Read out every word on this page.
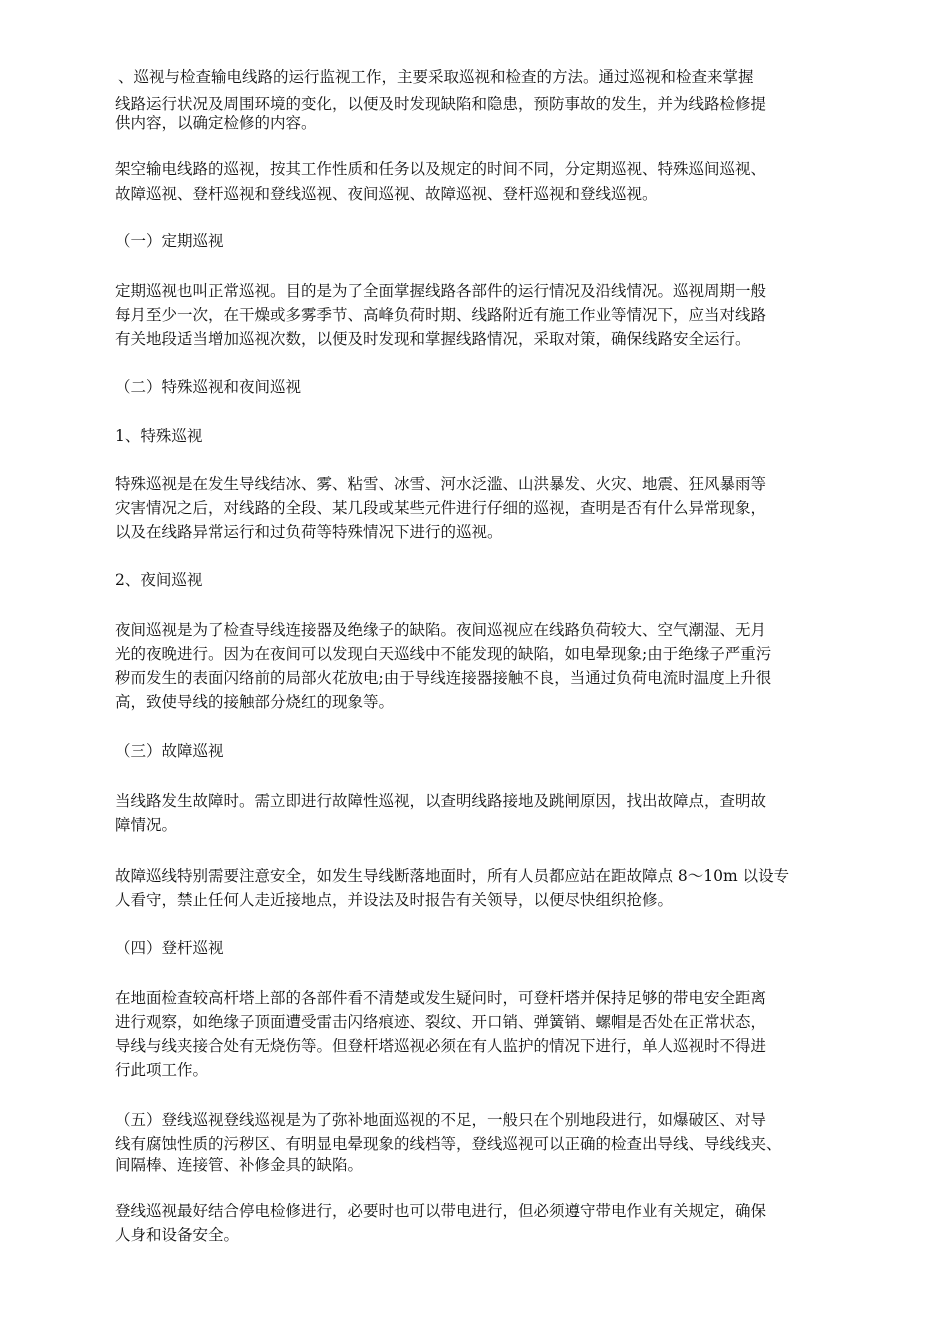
、巡视与检查输电线路的运行监视工作，主要采取巡视和检查的方法。通过巡视和检查来掌握
线路运行状况及周围环境的变化，以便及时发现缺陷和隐患，预防事故的发生，并为线路检修提
供内容，以确定检修的内容。
架空输电线路的巡视，按其工作性质和任务以及规定的时间不同，分定期巡视、特殊巡间巡视、
故障巡视、登杆巡视和登线巡视、夜间巡视、故障巡视、登杆巡视和登线巡视。
（一）定期巡视
定期巡视也叫正常巡视。目的是为了全面掌握线路各部件的运行情况及沿线情况。巡视周期一般
每月至少一次，在干燥或多雾季节、高峰负荷时期、线路附近有施工作业等情况下，应当对线路
有关地段适当增加巡视次数，以便及时发现和掌握线路情况，采取对策，确保线路安全运行。
（二）特殊巡视和夜间巡视
1、特殊巡视
特殊巡视是在发生导线结冰、雾、粘雪、冰雪、河水泛滥、山洪暴发、火灾、地震、狂风暴雨等
灾害情况之后，对线路的全段、某几段或某些元件进行仔细的巡视，查明是否有什么异常现象，
以及在线路异常运行和过负荷等特殊情况下进行的巡视。
2、夜间巡视
夜间巡视是为了检查导线连接器及绝缘子的缺陷。夜间巡视应在线路负荷较大、空气潮湿、无月
光的夜晚进行。因为在夜间可以发现白天巡线中不能发现的缺陷，如电晕现象;由于绝缘子严重污
秽而发生的表面闪络前的局部火花放电;由于导线连接器接触不良，当通过负荷电流时温度上升很
高，致使导线的接触部分烧红的现象等。
（三）故障巡视
当线路发生故障时。需立即进行故障性巡视，以查明线路接地及跳闸原因，找出故障点，查明故
障情况。
故障巡线特别需要注意安全，如发生导线断落地面时，所有人员都应站在距故障点 8～10m 以设专
人看守，禁止任何人走近接地点，并设法及时报告有关领导，以便尽快组织抢修。
（四）登杆巡视
在地面检查较高杆塔上部的各部件看不清楚或发生疑问时，可登杆塔并保持足够的带电安全距离
进行观察，如绝缘子顶面遭受雷击闪络痕迹、裂纹、开口销、弹簧销、螺帽是否处在正常状态，
导线与线夹接合处有无烧伤等。但登杆塔巡视必须在有人监护的情况下进行，单人巡视时不得进
行此项工作。
（五）登线巡视登线巡视是为了弥补地面巡视的不足，一般只在个别地段进行，如爆破区、对导
线有腐蚀性质的污秽区、有明显电晕现象的线档等，登线巡视可以正确的检查出导线、导线线夹、
间隔棒、连接管、补修金具的缺陷。
登线巡视最好结合停电检修进行，必要时也可以带电进行，但必须遵守带电作业有关规定，确保
人身和设备安全。
